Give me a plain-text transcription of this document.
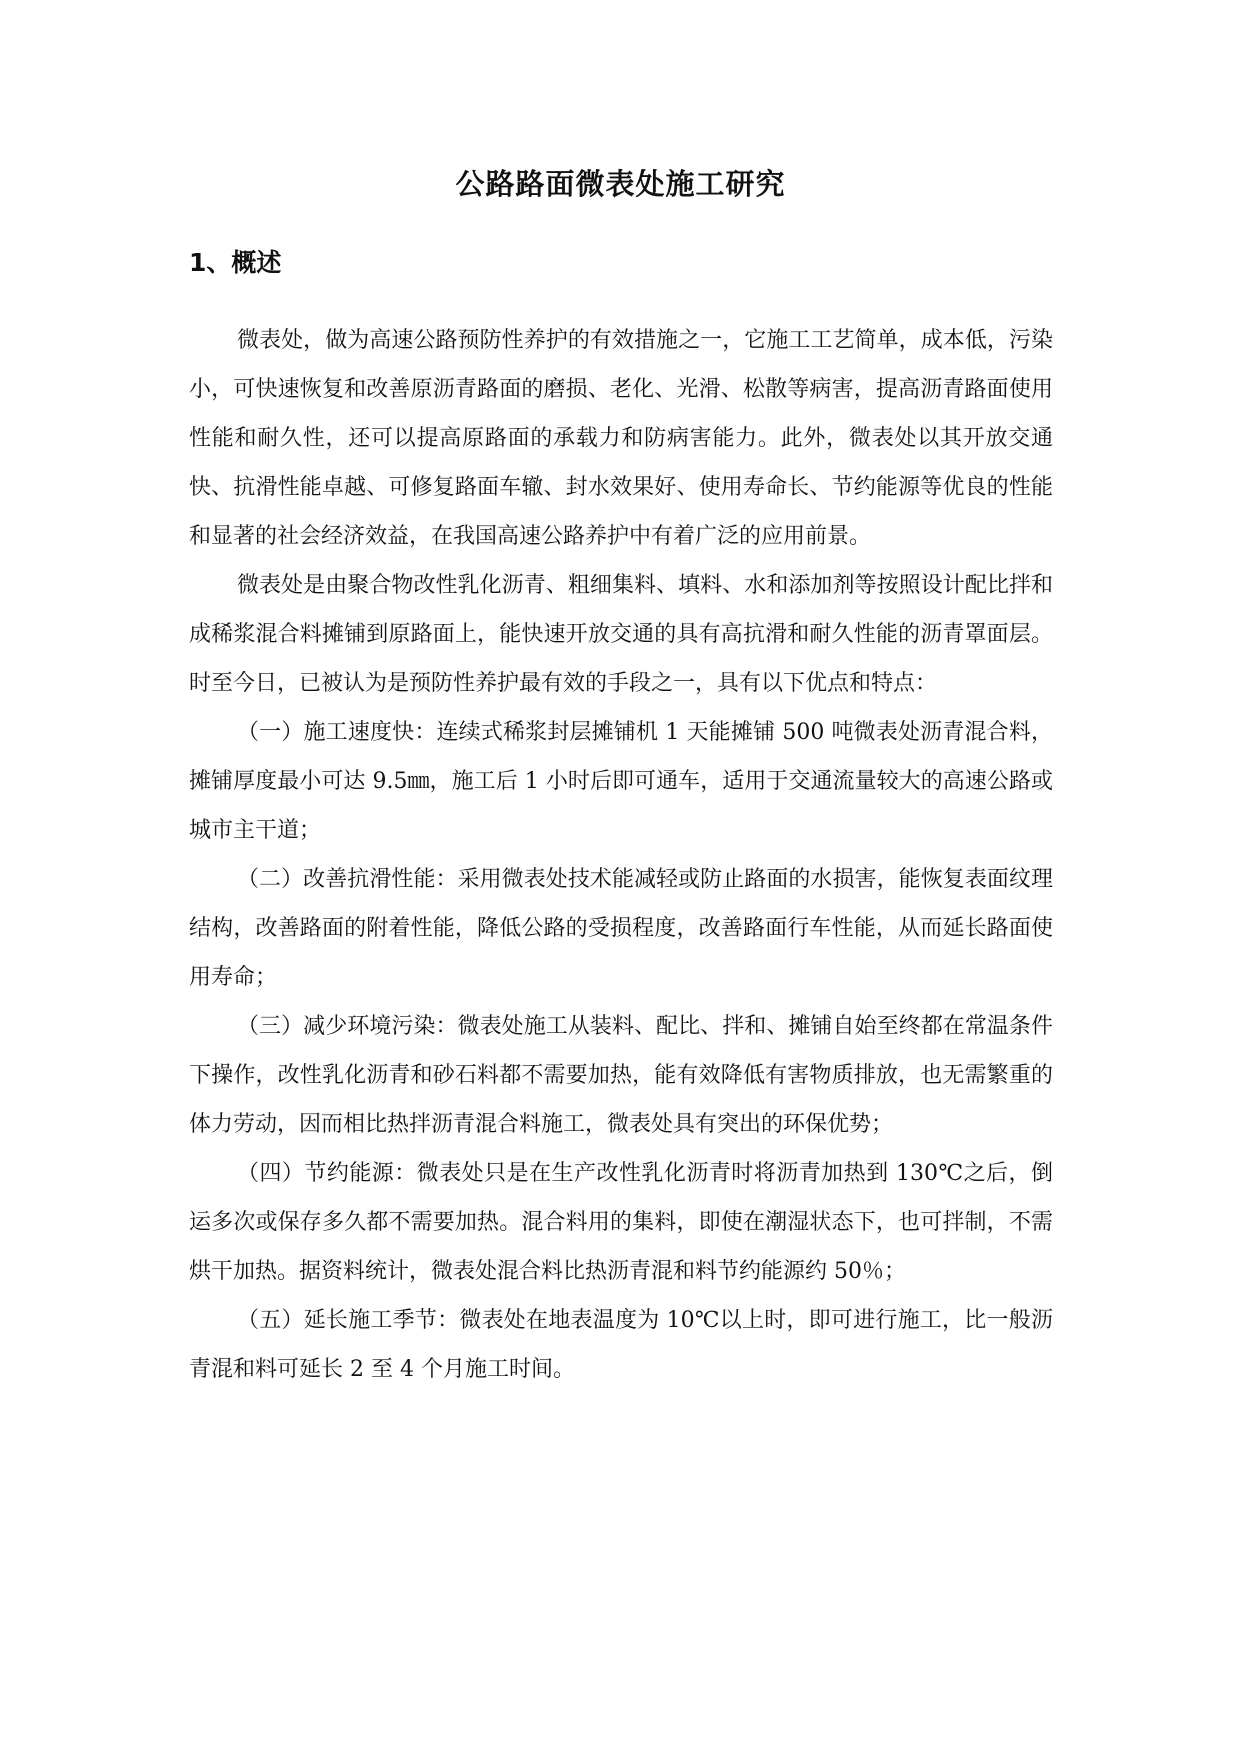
公路路面微表处施工研究
1、概述

微表处，做为高速公路预防性养护的有效措施之一，它施工工艺简单，成本低，污染小，可快速恢复和改善原沥青路面的磨损、老化、光滑、松散等病害，提高沥青路面使用性能和耐久性，还可以提高原路面的承载力和防病害能力。此外，微表处以其开放交通快、抗滑性能卓越、可修复路面车辙、封水效果好、使用寿命长、节约能源等优良的性能和显著的社会经济效益，在我国高速公路养护中有着广泛的应用前景。

微表处是由聚合物改性乳化沥青、粗细集料、填料、水和添加剂等按照设计配比拌和成稀浆混合料摊铺到原路面上，能快速开放交通的具有高抗滑和耐久性能的沥青罩面层。时至今日，已被认为是预防性养护最有效的手段之一，具有以下优点和特点：

（一）施工速度快：连续式稀浆封层摊铺机 1 天能摊铺 500 吨微表处沥青混合料，摊铺厚度最小可达 9.5㎜，施工后 1 小时后即可通车，适用于交通流量较大的高速公路或城市主干道；

（二）改善抗滑性能：采用微表处技术能减轻或防止路面的水损害，能恢复表面纹理结构，改善路面的附着性能，降低公路的受损程度，改善路面行车性能，从而延长路面使用寿命；

（三）减少环境污染：微表处施工从装料、配比、拌和、摊铺自始至终都在常温条件下操作，改性乳化沥青和砂石料都不需要加热，能有效降低有害物质排放，也无需繁重的体力劳动，因而相比热拌沥青混合料施工，微表处具有突出的环保优势；

（四）节约能源：微表处只是在生产改性乳化沥青时将沥青加热到 130℃之后，倒运多次或保存多久都不需要加热。混合料用的集料，即使在潮湿状态下，也可拌制，不需烘干加热。据资料统计，微表处混合料比热沥青混和料节约能源约 50％；

（五）延长施工季节：微表处在地表温度为 10℃以上时，即可进行施工，比一般沥青混和料可延长 2 至 4 个月施工时间。
